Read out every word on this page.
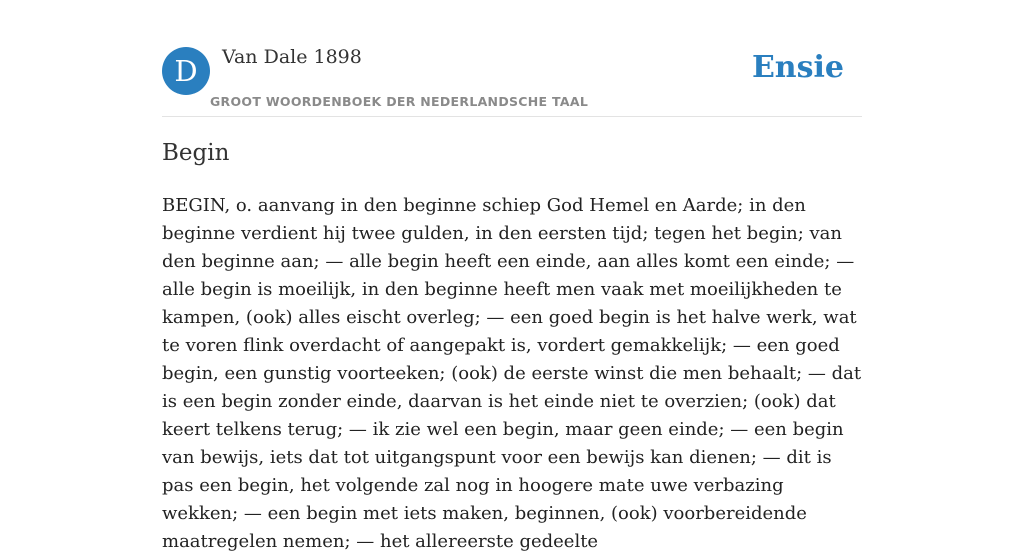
D	Van Dale 1898
GROOT WOORDENBOEK DER NEDERLANDSCHE TAAL
Ensie
Begin

BEGIN, o. aanvang in den beginne schiep God Hemel en Aarde; in den beginne verdient hij twee gulden, in den eersten tijd; tegen het begin; van den beginne aan; — alle begin heeft een einde, aan alles komt een einde; — alle begin is moeilijk, in den beginne heeft men vaak met moeilijkheden te kampen, (ook) alles eischt overleg; — een goed begin is het halve werk, wat te voren flink overdacht of aangepakt is, vordert gemakkelijk; — een goed begin, een gunstig voorteeken; (ook) de eerste winst die men behaalt; — dat is een begin zonder einde, daarvan is het einde niet te overzien; (ook) dat keert telkens terug; — ik zie wel een begin, maar geen einde; — een begin van bewijs, iets dat tot uitgangspunt voor een bewijs kan dienen; — dit is pas een begin, het volgende zal nog in hoogere mate uwe verbazing wekken; — een begin met iets maken, beginnen, (ook) voorbereidende maatregelen nemen; — het allereerste gedeelte
